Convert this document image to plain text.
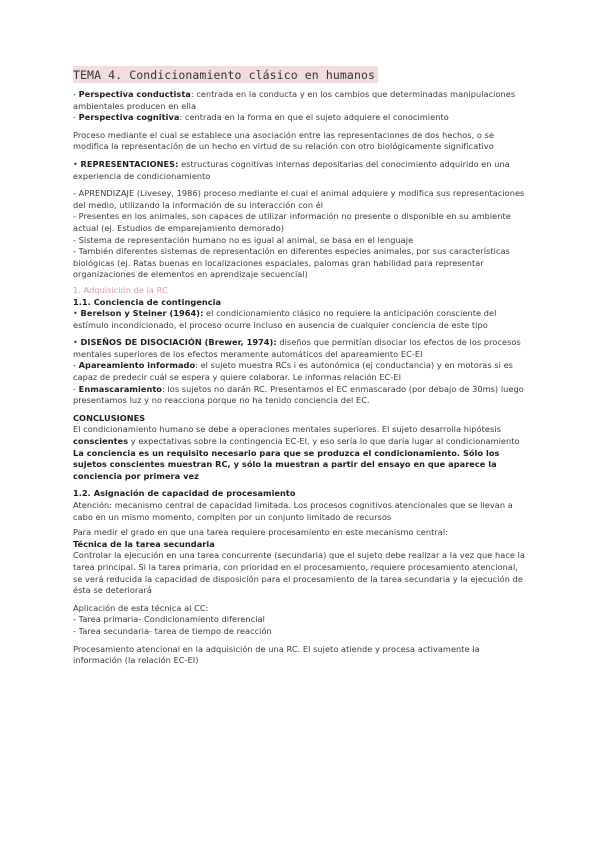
TEMA 4. Condicionamiento clásico en humanos

- Perspectiva conductista: centrada en la conducta y en los cambios que determinadas manipulaciones ambientales producen en ella

- Perspectiva cognitiva: centrada en la forma en que el sujeto adquiere el conocimiento

Proceso mediante el cual se establece una asociación entre las representaciones de dos hechos, o se modifica la representación de un hecho en virtud de su relación con otro biológicamente significativo

• REPRESENTACIONES: estructuras cognitivas internas depositarias del conocimiento adquirido en una experiencia de condicionamiento

- APRENDIZAJE (Livesey, 1986) proceso mediante el cual el animal adquiere y modifica sus representaciones del medio, utilizando la información de su interacción con él

- Presentes en los animales, son capaces de utilizar información no presente o disponible en su ambiente actual (ej. Estudios de emparejamiento demorado)

- Sistema de representación humano no es igual al animal, se basa en el lenguaje

- También diferentes sistemas de representación en diferentes especies animales, por sus características biológicas (ej. Ratas buenas en localizaciones espaciales, palomas gran habilidad para representar organizaciones de elementos en aprendizaje secuencial)

1. Adquisición de la RC

1.1. Conciencia de contingencia

• Berelson y Steiner (1964): el condicionamiento clásico no requiere la anticipación consciente del estímulo incondicionado, el proceso ocurre incluso en ausencia de cualquier conciencia de este tipo

• DISEÑOS DE DISOCIACIÓN (Brewer, 1974): diseños que permitían disociar los efectos de los procesos mentales superiores de los efectos meramente automáticos del apareamiento EC-EI

- Apareamiento informado: el sujeto muestra RCs i es autonómica (ej conductancia) y en motoras si es capaz de predecir cuál se espera y quiere colaborar. Le informas relación EC-EI

- Enmascaramiento: los sujetos no darán RC. Presentamos el EC enmascarado (por debajo de 30ms) luego presentamos luz y no reacciona porque no ha tenido conciencia del EC.

CONCLUSIONES

El condicionamiento humano se debe a operaciones mentales superiores. El sujeto desarrolla hipótesis conscientes y expectativas sobre la contingencia EC-EI, y eso sería lo que daría lugar al condicionamiento

La conciencia es un requisito necesario para que se produzca el condicionamiento. Sólo los sujetos conscientes muestran RC, y sólo la muestran a partir del ensayo en que aparece la conciencia por primera vez

1.2. Asignación de capacidad de procesamiento

Atención: mecanismo central de capacidad limitada. Los procesos cognitivos atencionales que se llevan a cabo en un mismo momento, compiten por un conjunto limitado de recursos

Para medir el grado en que una tarea requiere procesamiento en este mecanismo central:

Técnica de la tarea secundaria

Controlar la ejecución en una tarea concurrente (secundaria) que el sujeto debe realizar a la vez que hace la tarea principal. Si la tarea primaria, con prioridad en el procesamiento, requiere procesamiento atencional, se verá reducida la capacidad de disposición para el procesamiento de la tarea secundaria y la ejecución de ésta se deteriorará

Aplicación de esta técnica al CC:

- Tarea primaria- Condicionamiento diferencial

- Tarea secundaria- tarea de tiempo de reacción

Procesamiento atencional en la adquisición de una RC. El sujeto atiende y procesa activamente la información (la relación EC-EI)
